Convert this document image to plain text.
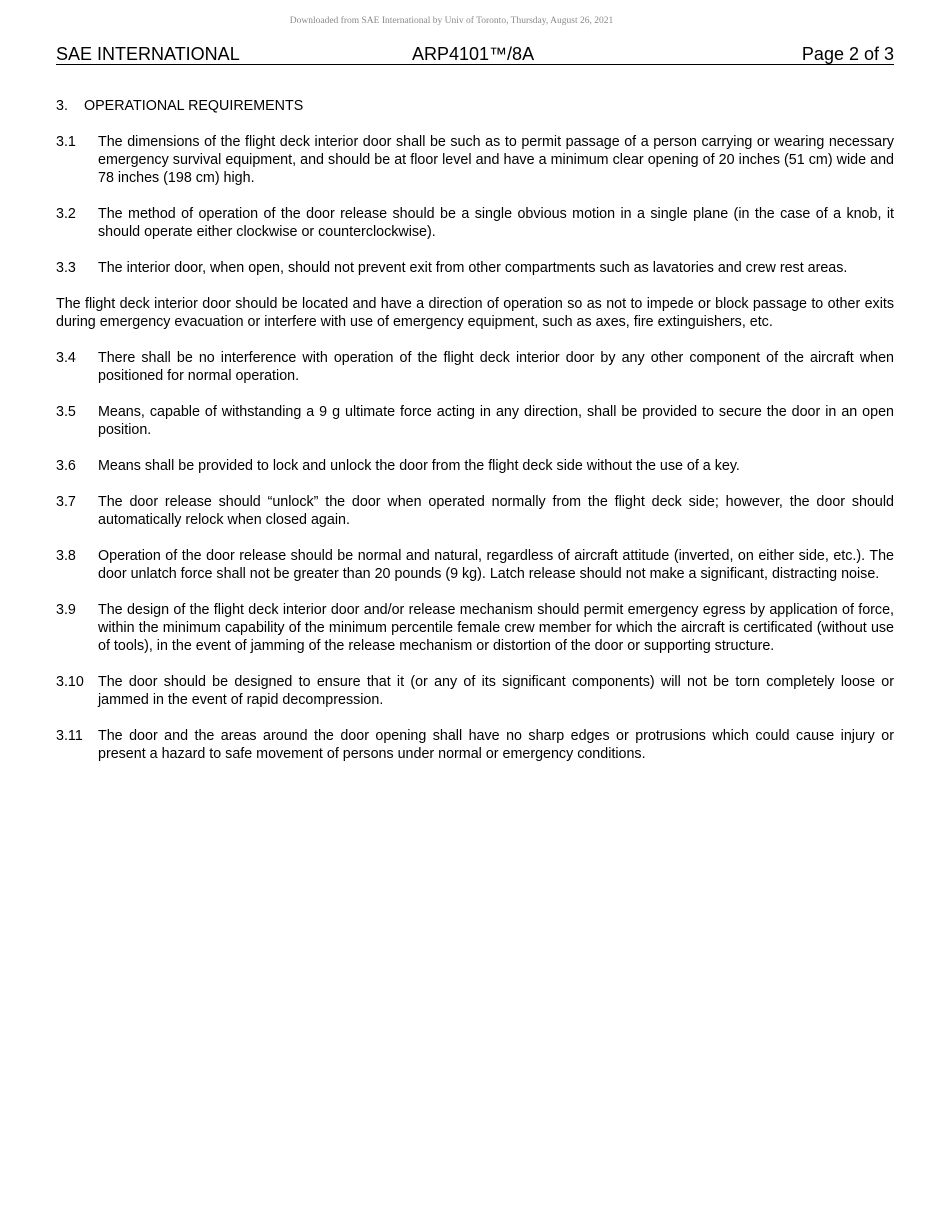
Downloaded from SAE International by Univ of Toronto, Thursday, August 26, 2021
SAE INTERNATIONAL	ARP4101™/8A	Page 2 of 3
3. OPERATIONAL REQUIREMENTS
3.1	The dimensions of the flight deck interior door shall be such as to permit passage of a person carrying or wearing necessary emergency survival equipment, and should be at floor level and have a minimum clear opening of 20 inches (51 cm) wide and 78 inches (198 cm) high.
3.2	The method of operation of the door release should be a single obvious motion in a single plane (in the case of a knob, it should operate either clockwise or counterclockwise).
3.3	The interior door, when open, should not prevent exit from other compartments such as lavatories and crew rest areas.
The flight deck interior door should be located and have a direction of operation so as not to impede or block passage to other exits during emergency evacuation or interfere with use of emergency equipment, such as axes, fire extinguishers, etc.
3.4	There shall be no interference with operation of the flight deck interior door by any other component of the aircraft when positioned for normal operation.
3.5	Means, capable of withstanding a 9 g ultimate force acting in any direction, shall be provided to secure the door in an open position.
3.6	Means shall be provided to lock and unlock the door from the flight deck side without the use of a key.
3.7	The door release should “unlock” the door when operated normally from the flight deck side; however, the door should automatically relock when closed again.
3.8	Operation of the door release should be normal and natural, regardless of aircraft attitude (inverted, on either side, etc.). The door unlatch force shall not be greater than 20 pounds (9 kg). Latch release should not make a significant, distracting noise.
3.9	The design of the flight deck interior door and/or release mechanism should permit emergency egress by application of force, within the minimum capability of the minimum percentile female crew member for which the aircraft is certificated (without use of tools), in the event of jamming of the release mechanism or distortion of the door or supporting structure.
3.10 The door should be designed to ensure that it (or any of its significant components) will not be torn completely loose or jammed in the event of rapid decompression.
3.11	The door and the areas around the door opening shall have no sharp edges or protrusions which could cause injury or present a hazard to safe movement of persons under normal or emergency conditions.
